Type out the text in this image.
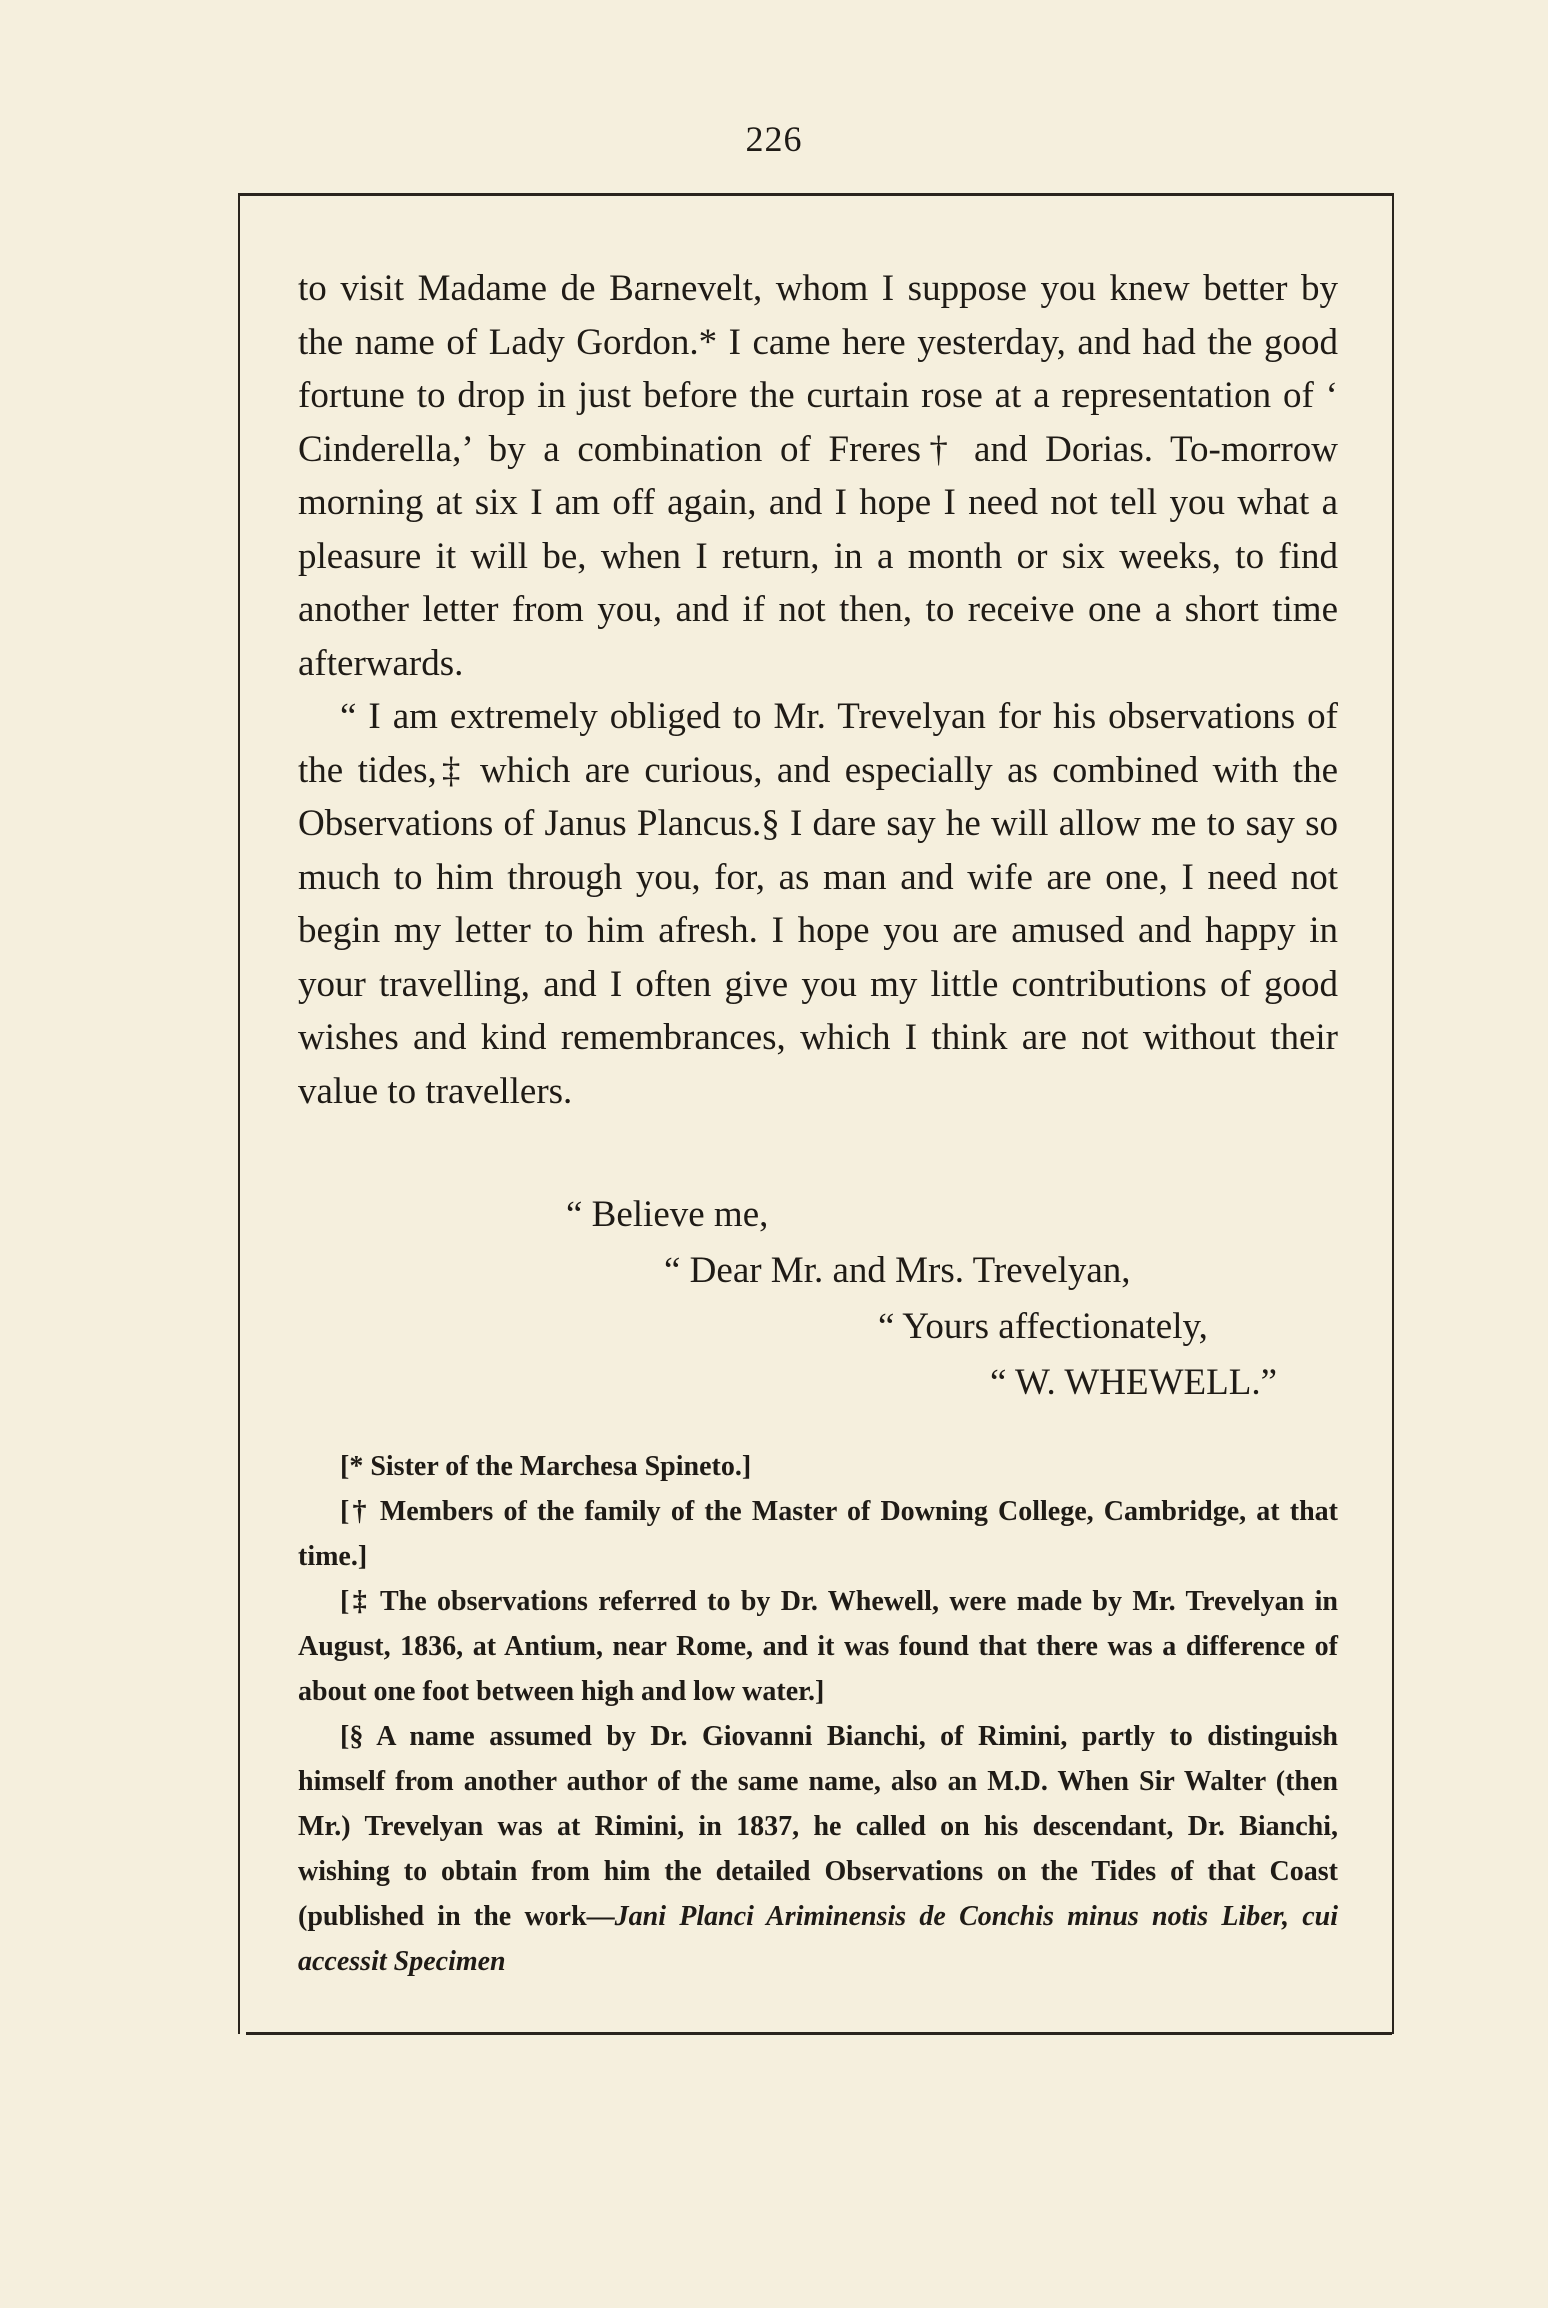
226

to visit Madame de Barnevelt, whom I suppose you knew better by the name of Lady Gordon.* I came here yesterday, and had the good fortune to drop in just before the curtain rose at a representation of ‘ Cinderella,’ by a combination of Freres† and Dorias. To-morrow morning at six I am off again, and I hope I need not tell you what a pleasure it will be, when I return, in a month or six weeks, to find another letter from you, and if not then, to receive one a short time afterwards.

“ I am extremely obliged to Mr. Trevelyan for his observations of the tides,‡ which are curious, and especially as combined with the Observations of Janus Plancus.§ I dare say he will allow me to say so much to him through you, for, as man and wife are one, I need not begin my letter to him afresh. I hope you are amused and happy in your travelling, and I often give you my little contributions of good wishes and kind remembrances, which I think are not without their value to travellers.

“ Believe me,
“ Dear Mr. and Mrs. Trevelyan,
“ Yours affectionately,
“ W. WHEWELL.”

[* Sister of the Marchesa Spineto.]

[† Members of the family of the Master of Downing College, Cambridge, at that time.]

[‡ The observations referred to by Dr. Whewell, were made by Mr. Trevelyan in August, 1836, at Antium, near Rome, and it was found that there was a difference of about one foot between high and low water.]

[§ A name assumed by Dr. Giovanni Bianchi, of Rimini, partly to distinguish himself from another author of the same name, also an M.D. When Sir Walter (then Mr.) Trevelyan was at Rimini, in 1837, he called on his descendant, Dr. Bianchi, wishing to obtain from him the detailed Observations on the Tides of that Coast (published in the work—Jani Planci Ariminensis de Conchis minus notis Liber, cui accessit Specimen
